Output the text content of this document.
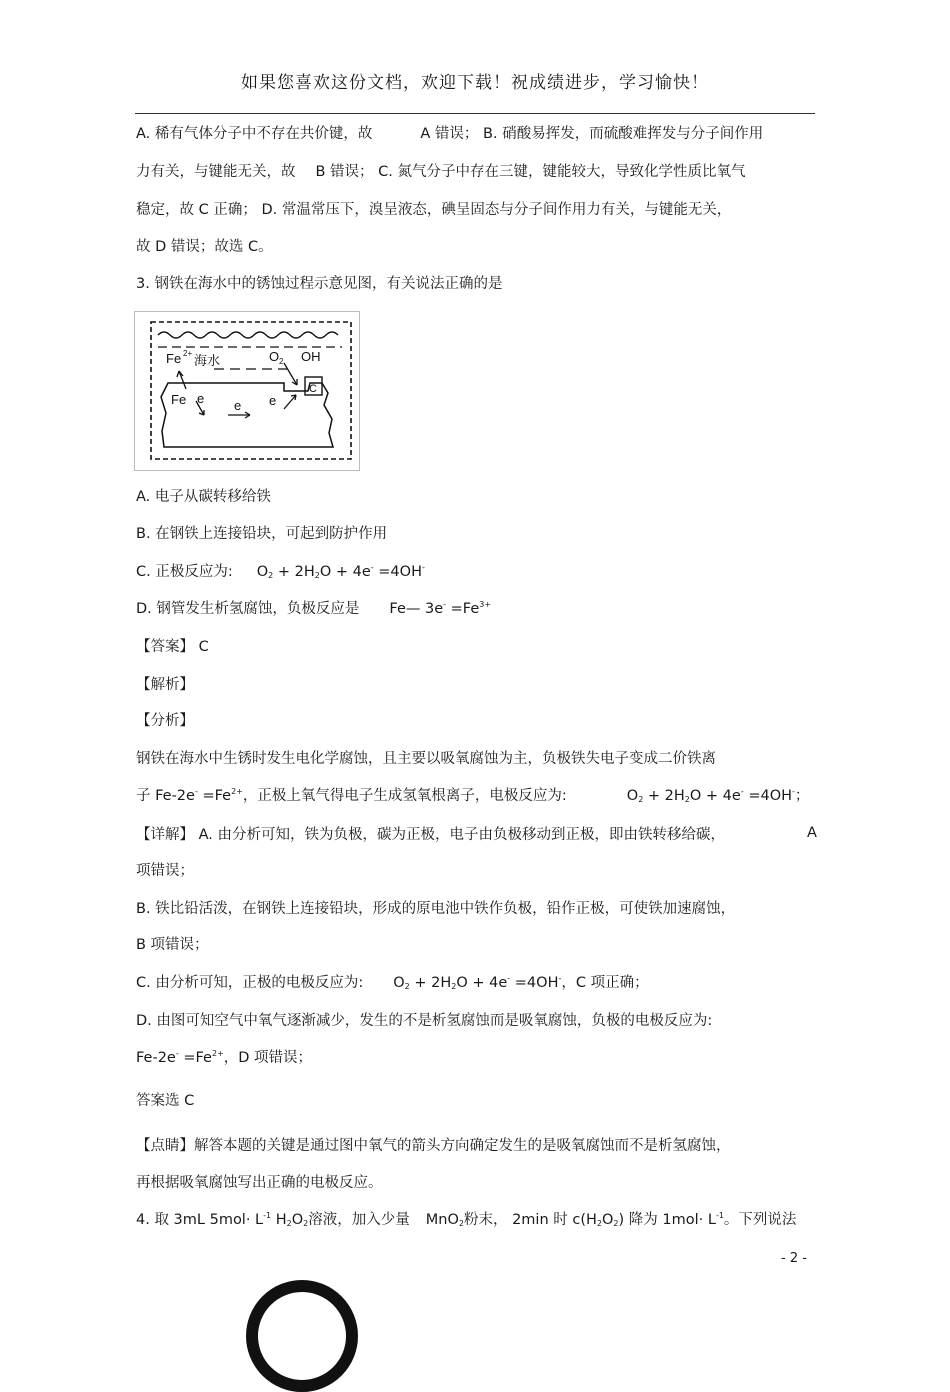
如果您喜欢这份文档，欢迎下载！祝成绩进步，学习愉快！
A. 稀有气体分子中不存在共价键，故	A 错误； B. 硝酸易挥发，而硫酸难挥发与分子间作用
力有关，与键能无关，故 B 错误； C. 氮气分子中存在三键，键能较大，导致化学性质比氧气
稳定，故 C 正确； D. 常温常压下，溴呈液态，碘呈固态与分子间作用力有关，与键能无关，
故 D 错误；故选 C。
3. 钢铁在海水中的锈蚀过程示意见图，有关说法正确的是
Fe 2+
海水	O 2 OH
C
Fe e e e
A. 电子从碳转移给铁
B. 在钢铁上连接铅块，可起到防护作用
C. 正极反应为: $O_2 + 2H_2O + 4e^- =4OH^-$
D. 钢管发生析氢腐蚀，负极反应是 Fe— $3e^- =Fe^{3+}$
【答案】 C
【解析】
【分析】
钢铁在海水中生锈时发生电化学腐蚀，且主要以吸氧腐蚀为主，负极铁失电子变成二价铁离
子 $Fe-2e^- =Fe^{2+}$，正极上氧气得电子生成氢氧根离子，电极反应为:	$O_2 + 2H_2O + 4e^- =4OH^-$；
【详解】 A. 由分析可知，铁为负极，碳为正极，电子由负极移动到正极，即由铁转移给碳，	A
项错误；
B. 铁比铅活泼，在钢铁上连接铅块，形成的原电池中铁作负极，铅作正极，可使铁加速腐蚀，
B 项错误；
C. 由分析可知，正极的电极反应为: $O_2 + 2H_2O + 4e^- =4OH^-$，C 项正确；
D. 由图可知空气中氧气逐渐减少，发生的不是析氢腐蚀而是吸氧腐蚀，负极的电极反应为:
$Fe-2e^- =Fe^{2+}$，D 项错误；
答案选 C
【点睛】解答本题的关键是通过图中氧气的箭头方向确定发生的是吸氧腐蚀而不是析氢腐蚀，
再根据吸氧腐蚀写出正确的电极反应。
4. 取 3mL $5mol\cdot L^{-1}$ $H_2O_2$溶液，加入少量 MnO$_2$粉末， 2min 时 $c(H_2O_2)$ 降为 $1mol\cdot L^{-1}$。下列说法
- 2 -
